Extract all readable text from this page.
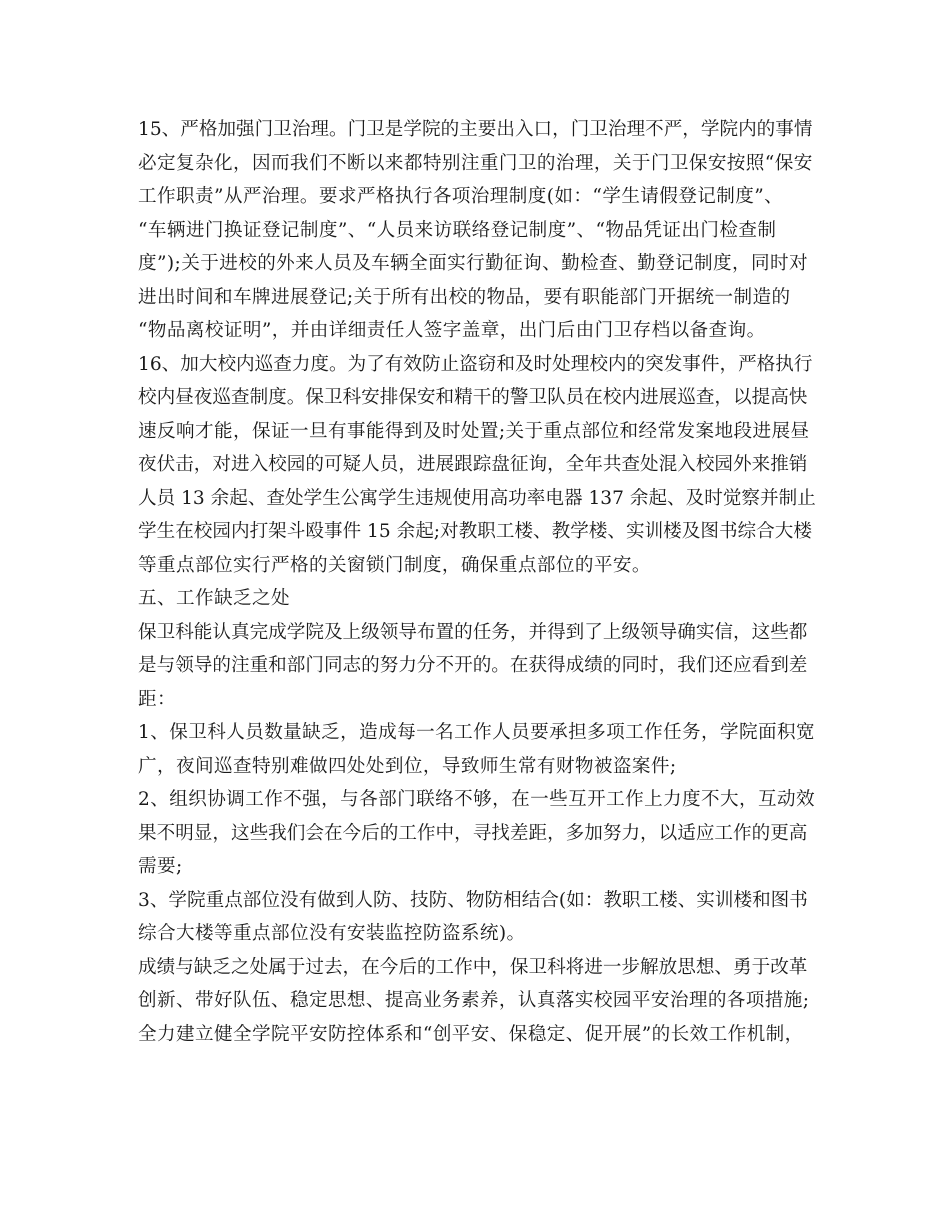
15、严格加强门卫治理。门卫是学院的主要出入口，门卫治理不严，学院内的事情
必定复杂化，因而我们不断以来都特别注重门卫的治理，关于门卫保安按照“保安
工作职责”从严治理。要求严格执行各项治理制度(如：“学生请假登记制度”、
“车辆进门换证登记制度”、“人员来访联络登记制度”、“物品凭证出门检查制
度”);关于进校的外来人员及车辆全面实行勤征询、勤检查、勤登记制度，同时对
进出时间和车牌进展登记;关于所有出校的物品，要有职能部门开据统一制造的
“物品离校证明”，并由详细责任人签字盖章，出门后由门卫存档以备查询。
16、加大校内巡查力度。为了有效防止盗窃和及时处理校内的突发事件，严格执行
校内昼夜巡查制度。保卫科安排保安和精干的警卫队员在校内进展巡查，以提高快
速反响才能，保证一旦有事能得到及时处置;关于重点部位和经常发案地段进展昼
夜伏击，对进入校园的可疑人员，进展跟踪盘征询，全年共查处混入校园外来推销
人员 13 余起、查处学生公寓学生违规使用高功率电器 137 余起、及时觉察并制止
学生在校园内打架斗殴事件 15 余起;对教职工楼、教学楼、实训楼及图书综合大楼
等重点部位实行严格的关窗锁门制度，确保重点部位的平安。
五、工作缺乏之处
保卫科能认真完成学院及上级领导布置的任务，并得到了上级领导确实信，这些都
是与领导的注重和部门同志的努力分不开的。在获得成绩的同时，我们还应看到差
距：
1、保卫科人员数量缺乏，造成每一名工作人员要承担多项工作任务，学院面积宽
广，夜间巡查特别难做四处处到位，导致师生常有财物被盗案件;
2、组织协调工作不强，与各部门联络不够，在一些互开工作上力度不大，互动效
果不明显，这些我们会在今后的工作中，寻找差距，多加努力，以适应工作的更高
需要;
3、学院重点部位没有做到人防、技防、物防相结合(如：教职工楼、实训楼和图书
综合大楼等重点部位没有安装监控防盗系统)。
成绩与缺乏之处属于过去，在今后的工作中，保卫科将进一步解放思想、勇于改革
创新、带好队伍、稳定思想、提高业务素养，认真落实校园平安治理的各项措施;
全力建立健全学院平安防控体系和“创平安、保稳定、促开展”的长效工作机制，
